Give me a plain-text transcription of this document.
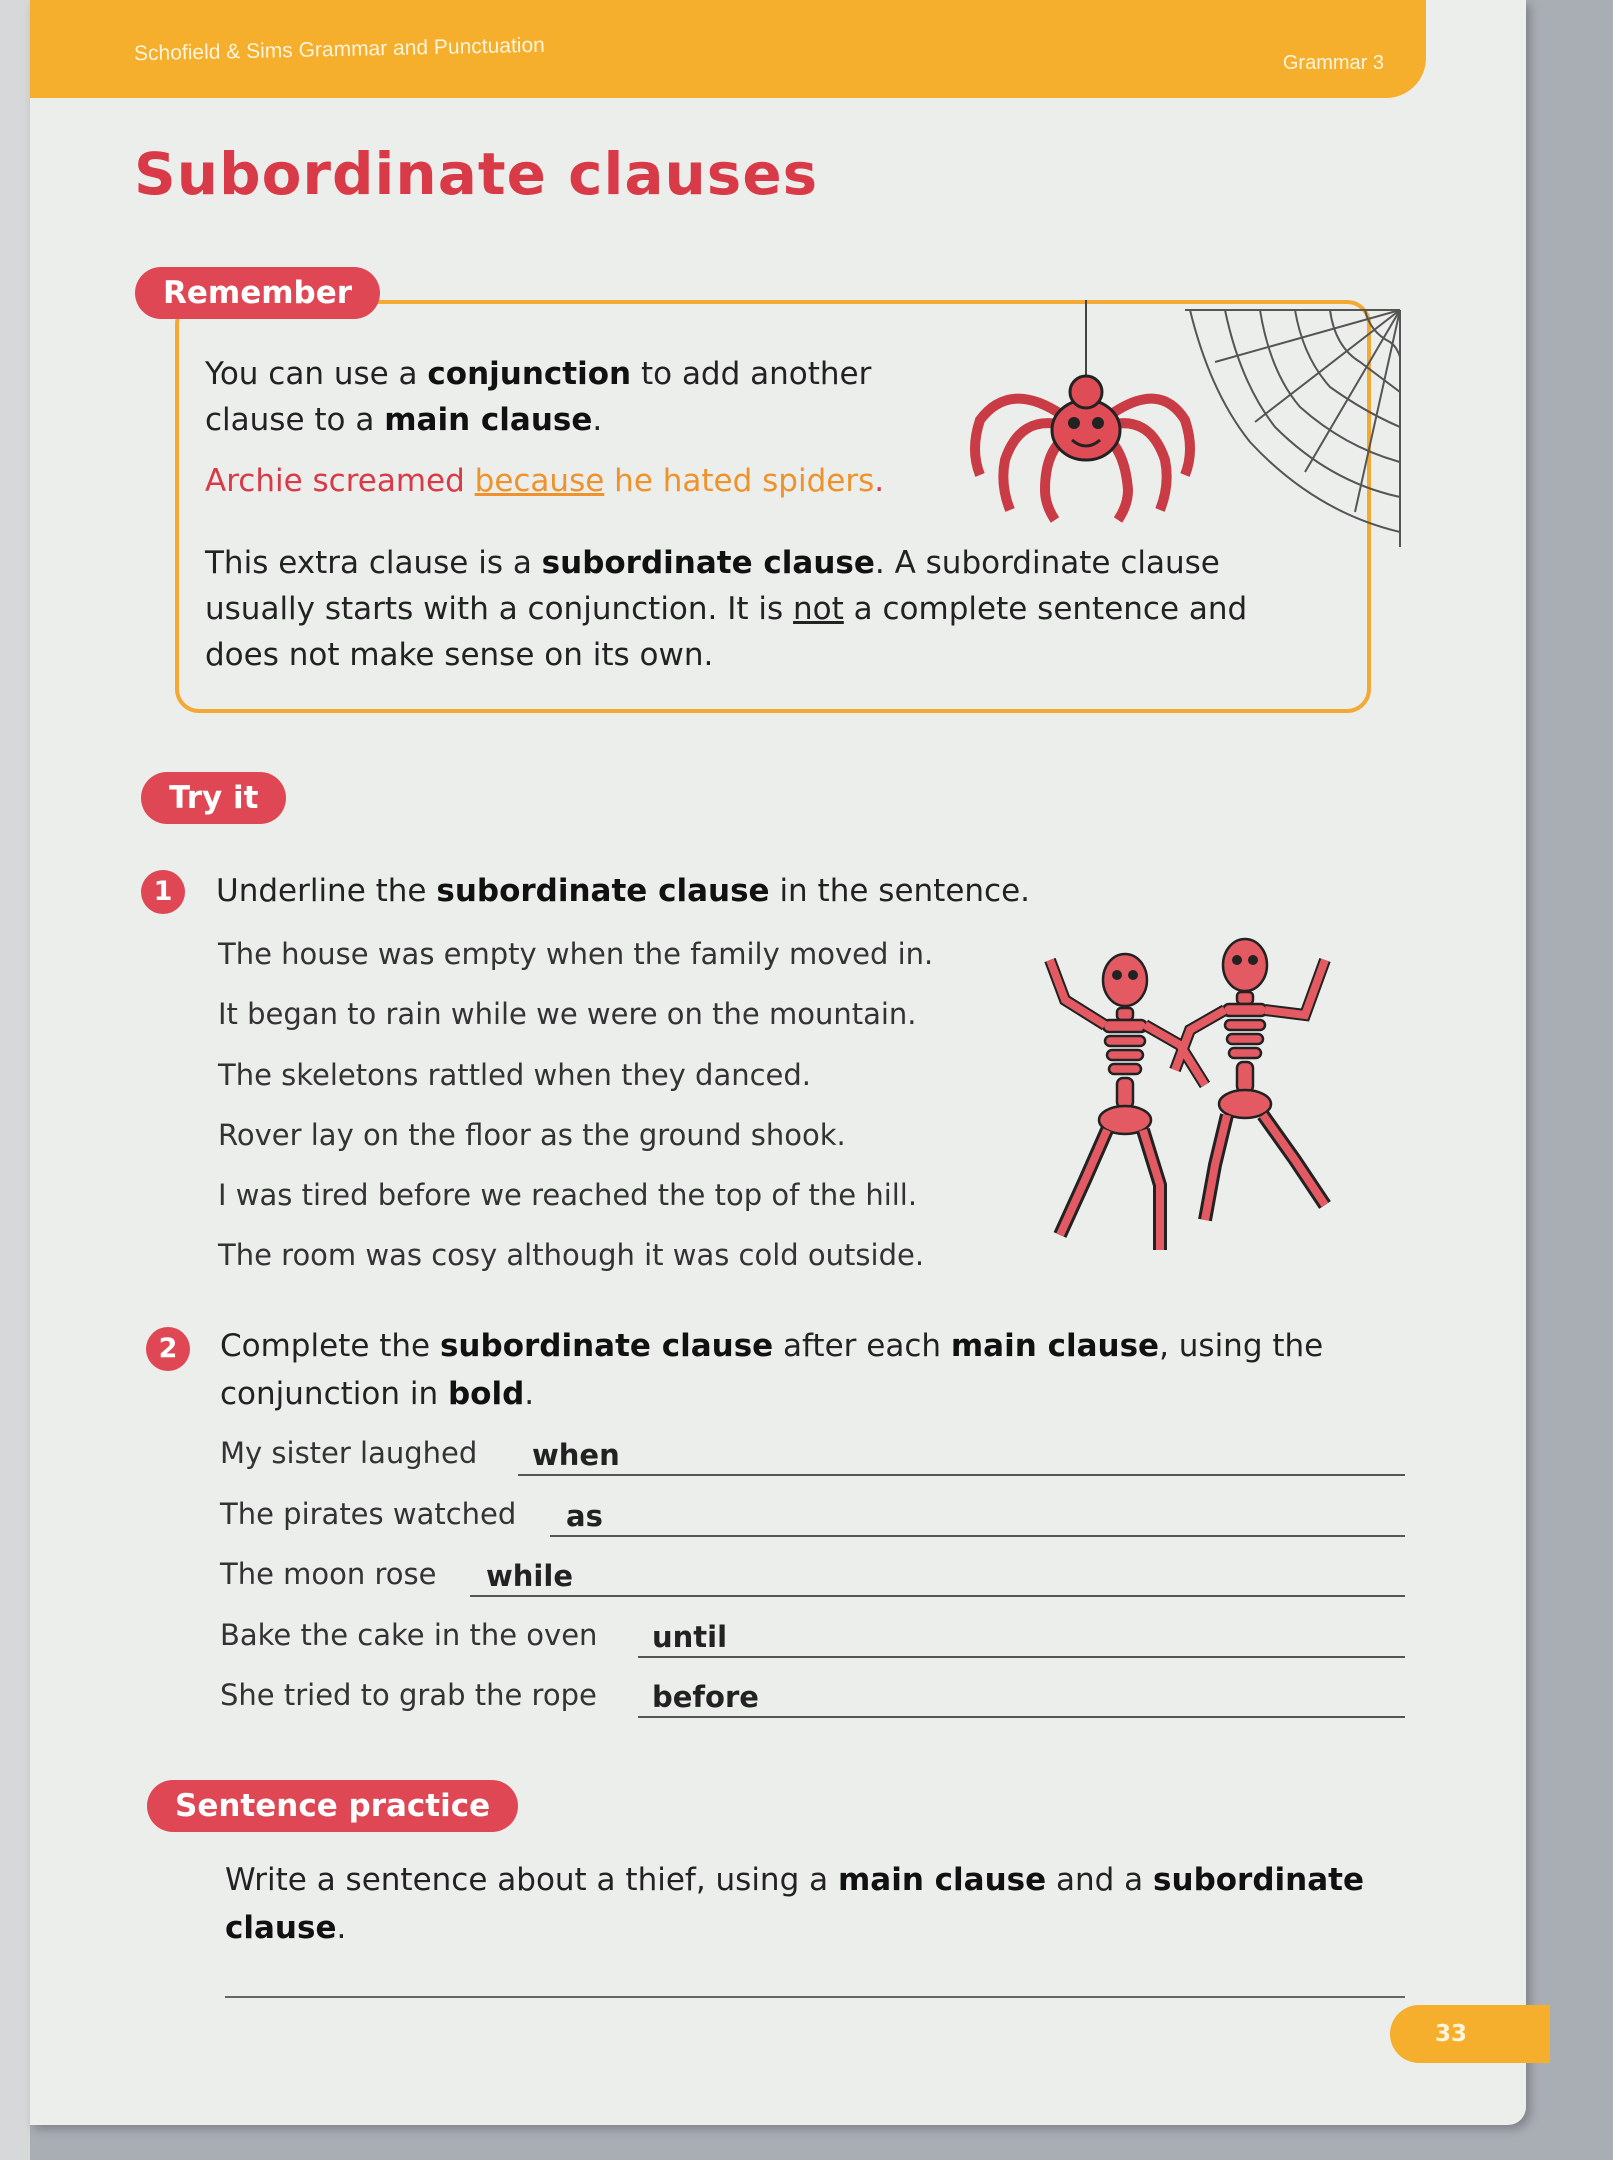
Schofield & Sims Grammar and Punctuation	Grammar 3
Subordinate clauses
Remember
You can use a conjunction to add another
clause to a main clause.
Archie screamed because he hated spiders.
This extra clause is a subordinate clause. A subordinate clause
usually starts with a conjunction. It is not a complete sentence and
does not make sense on its own.
Try it
1	Underline the subordinate clause in the sentence.
The house was empty when the family moved in.
It began to rain while we were on the mountain.
The skeletons rattled when they danced.
Rover lay on the floor as the ground shook.
I was tired before we reached the top of the hill.
The room was cosy although it was cold outside.
2	Complete the subordinate clause after each main clause, using the
conjunction in bold.
My sister laughed when
The pirates watched as
The moon rose while
Bake the cake in the oven until
She tried to grab the rope before
Sentence practice
Write a sentence about a thief, using a main clause and a subordinate
clause.
33
